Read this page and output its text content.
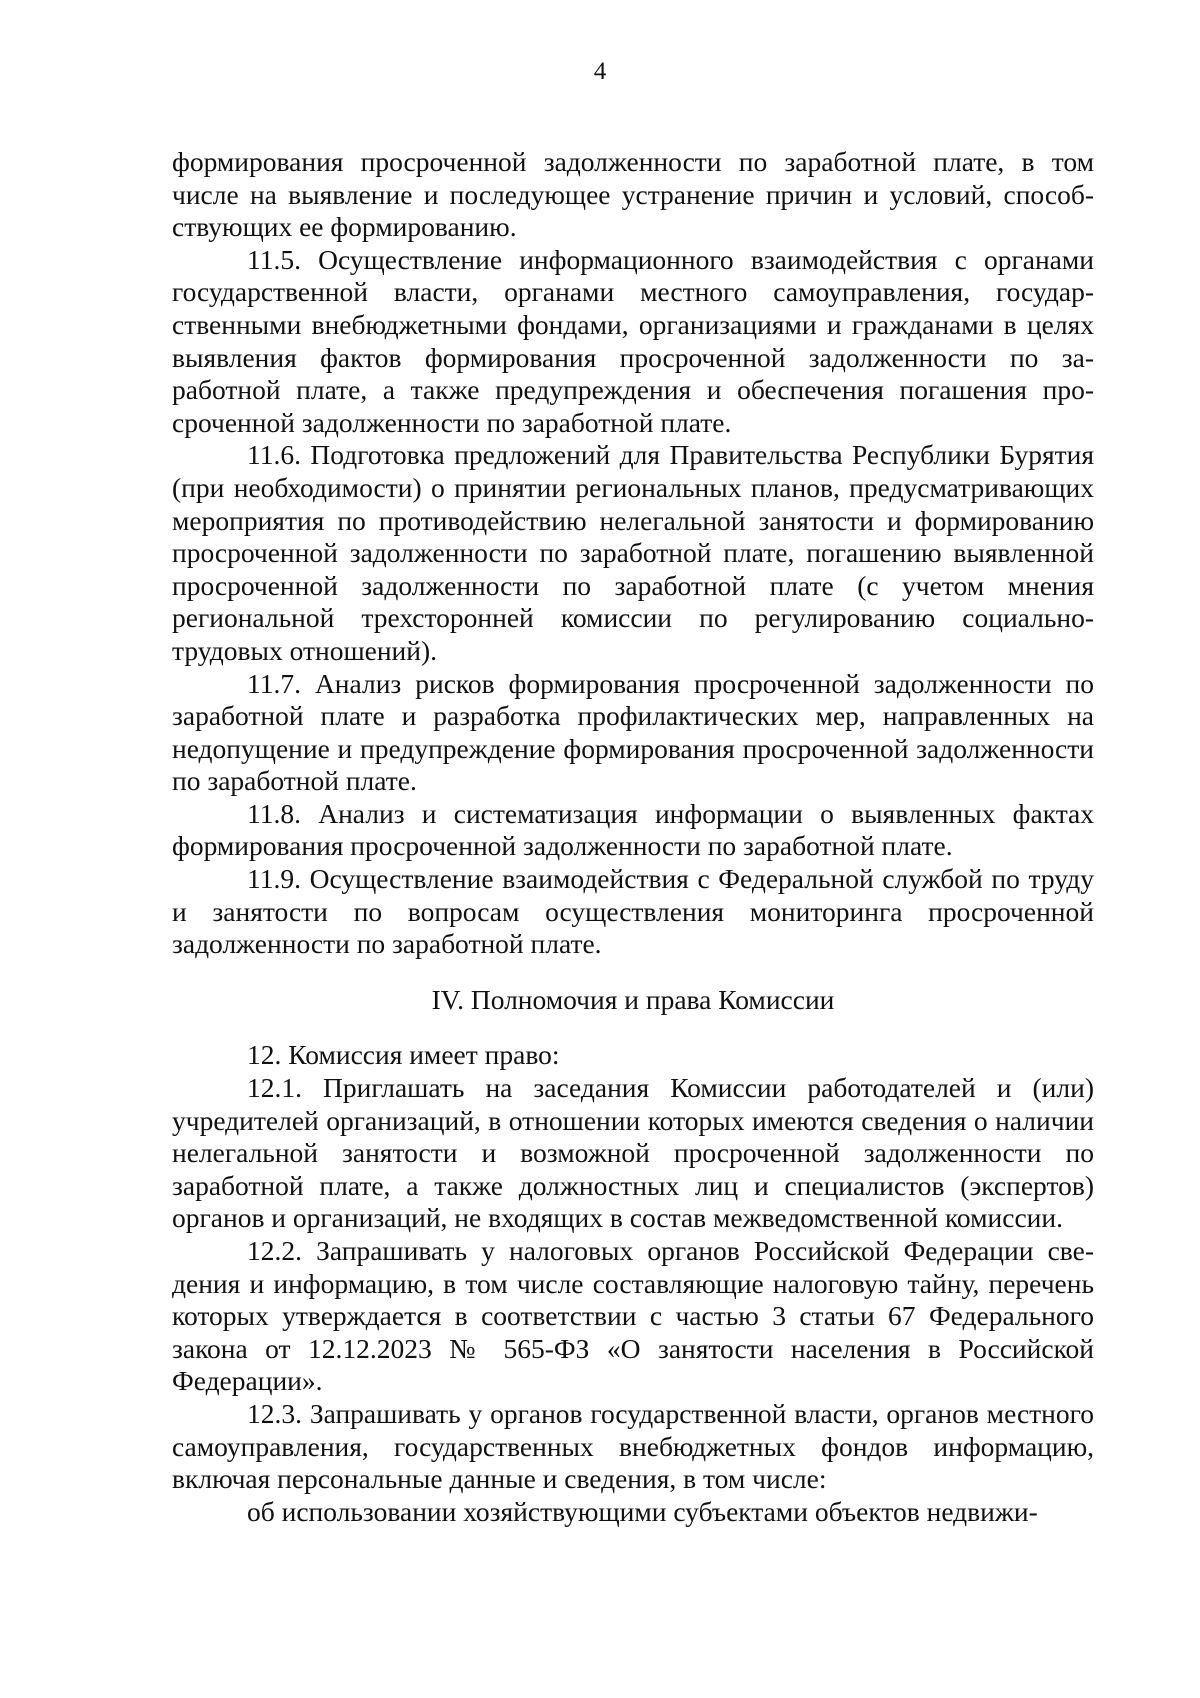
4

формирования просроченной задолженности по заработной плате, в том числе на выявление и последующее устранение причин и условий, способствующих ее формированию.

11.5. Осуществление информационного взаимодействия с органами государственной власти, органами местного самоуправления, государственными внебюджетными фондами, организациями и гражданами в целях выявления фактов формирования просроченной задолженности по заработной плате, а также предупреждения и обеспечения погашения просроченной задолженности по заработной плате.

11.6. Подготовка предложений для Правительства Республики Бурятия (при необходимости) о принятии региональных планов, предусматривающих мероприятия по противодействию нелегальной занятости и формированию просроченной задолженности по заработной плате, погашению выявленной просроченной задолженности по заработной плате (с учетом мнения региональной трехсторонней комиссии по регулированию социально-трудовых отношений).

11.7. Анализ рисков формирования просроченной задолженности по заработной плате и разработка профилактических мер, направленных на недопущение и предупреждение формирования просроченной задолженности по заработной плате.

11.8. Анализ и систематизация информации о выявленных фактах формирования просроченной задолженности по заработной плате.

11.9. Осуществление взаимодействия с Федеральной службой по труду и занятости по вопросам осуществления мониторинга просроченной задолженности по заработной плате.

IV. Полномочия и права Комиссии

12. Комиссия имеет право:

12.1. Приглашать на заседания Комиссии работодателей и (или) учредителей организаций, в отношении которых имеются сведения о наличии нелегальной занятости и возможной просроченной задолженности по заработной плате, а также должностных лиц и специалистов (экспертов) органов и организаций, не входящих в состав межведомственной комиссии.

12.2. Запрашивать у налоговых органов Российской Федерации сведения и информацию, в том числе составляющие налоговую тайну, перечень которых утверждается в соответствии с частью 3 статьи 67 Федерального закона от 12.12.2023 № 565-ФЗ «О занятости населения в Российской Федерации».

12.3. Запрашивать у органов государственной власти, органов местного самоуправления, государственных внебюджетных фондов информацию, включая персональные данные и сведения, в том числе:

об использовании хозяйствующими субъектами объектов недвижи-
